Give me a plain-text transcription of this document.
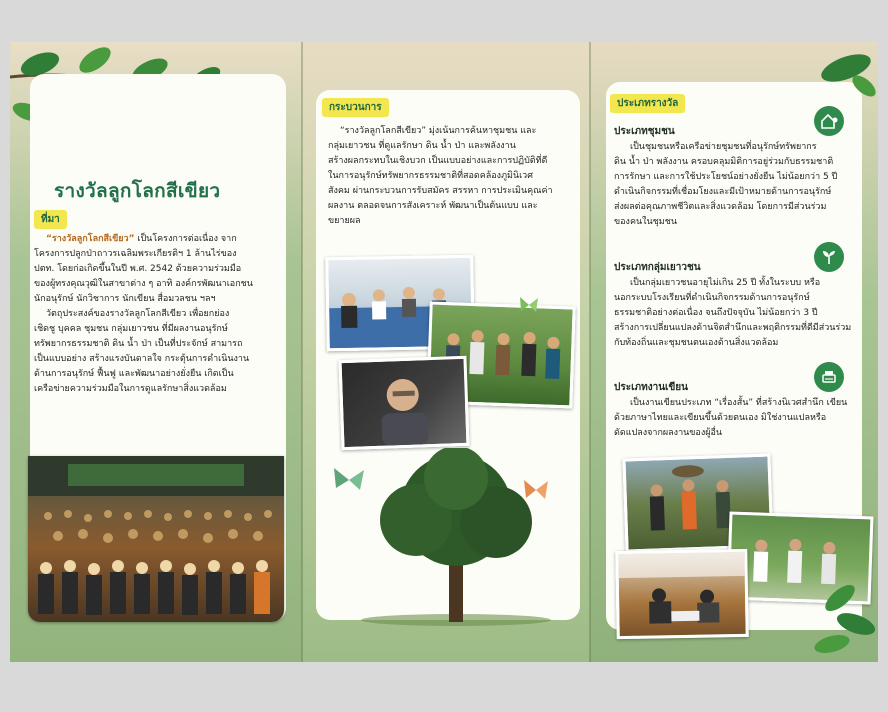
รางวัลลูกโลกสีเขียว
ที่มา
“รางวัลลูกโลกสีเขียว” เป็นโครงการต่อเนื่อง จาก
โครงการปลูกป่าถาวรเฉลิมพระเกียรติฯ 1 ล้านไร่ของ
ปตท. โดยก่อเกิดขึ้นในปี พ.ศ. 2542 ด้วยความร่วมมือ
ของผู้ทรงคุณวุฒิในสาขาต่าง ๆ อาทิ องค์กรพัฒนาเอกชน
นักอนุรักษ์ นักวิชาการ นักเขียน สื่อมวลชน ฯลฯ
วัตถุประสงค์ของรางวัลลูกโลกสีเขียว เพื่อยกย่อง
เชิดชู บุคคล ชุมชน กลุ่มเยาวชน ที่มีผลงานอนุรักษ์
ทรัพยากรธรรมชาติ ดิน น้ำ ป่า เป็นที่ประจักษ์ สามารถ
เป็นแบบอย่าง สร้างแรงบันดาลใจ กระตุ้นการดำเนินงาน
ด้านการอนุรักษ์ ฟื้นฟู และพัฒนาอย่างยั่งยืน เกิดเป็น
เครือข่ายความร่วมมือในการดูแลรักษาสิ่งแวดล้อม
กระบวนการ
“รางวัลลูกโลกสีเขียว” มุ่งเน้นการค้นหาชุมชน และ
กลุ่มเยาวชน ที่ดูแลรักษา ดิน น้ำ ป่า และพลังงาน
สร้างผลกระทบในเชิงบวก เป็นแบบอย่างและการปฏิบัติที่ดี
ในการอนุรักษ์ทรัพยากรธรรมชาติที่สอดคล้องภูมินิเวศ
สังคม ผ่านกระบวนการรับสมัคร สรรหา การประเมินคุณค่า
ผลงาน ตลอดจนการสังเคราะห์ พัฒนาเป็นต้นแบบ และ
ขยายผล
ประเภทรางวัล
ประเภทชุมชน
เป็นชุมชนหรือเครือข่ายชุมชนที่อนุรักษ์ทรัพยากร
ดิน น้ำ ป่า พลังงาน ครอบคลุมมิติการอยู่ร่วมกับธรรมชาติ
การรักษา และการใช้ประโยชน์อย่างยั่งยืน ไม่น้อยกว่า 5 ปี
ดำเนินกิจกรรมที่เชื่อมโยงและมีเป้าหมายด้านการอนุรักษ์
ส่งผลต่อคุณภาพชีวิตและสิ่งแวดล้อม โดยการมีส่วนร่วม
ของคนในชุมชน
ประเภทกลุ่มเยาวชน
เป็นกลุ่มเยาวชนอายุไม่เกิน 25 ปี ทั้งในระบบ หรือ
นอกระบบโรงเรียนที่ดำเนินกิจกรรมด้านการอนุรักษ์
ธรรมชาติอย่างต่อเนื่อง จนถึงปัจจุบัน ไม่น้อยกว่า 3 ปี
สร้างการเปลี่ยนแปลงด้านจิตสำนึกและพฤติกรรมที่ดีมีส่วนร่วม
กับท้องถิ่นและชุมชนตนเองด้านสิ่งแวดล้อม
ประเภทงานเขียน
เป็นงานเขียนประเภท “เรื่องสั้น” ที่สร้างนิเวศสำนึก เขียน
ด้วยภาษาไทยและเขียนขึ้นด้วยตนเอง มิใช่งานแปลหรือ
ดัดแปลงจากผลงานของผู้อื่น
